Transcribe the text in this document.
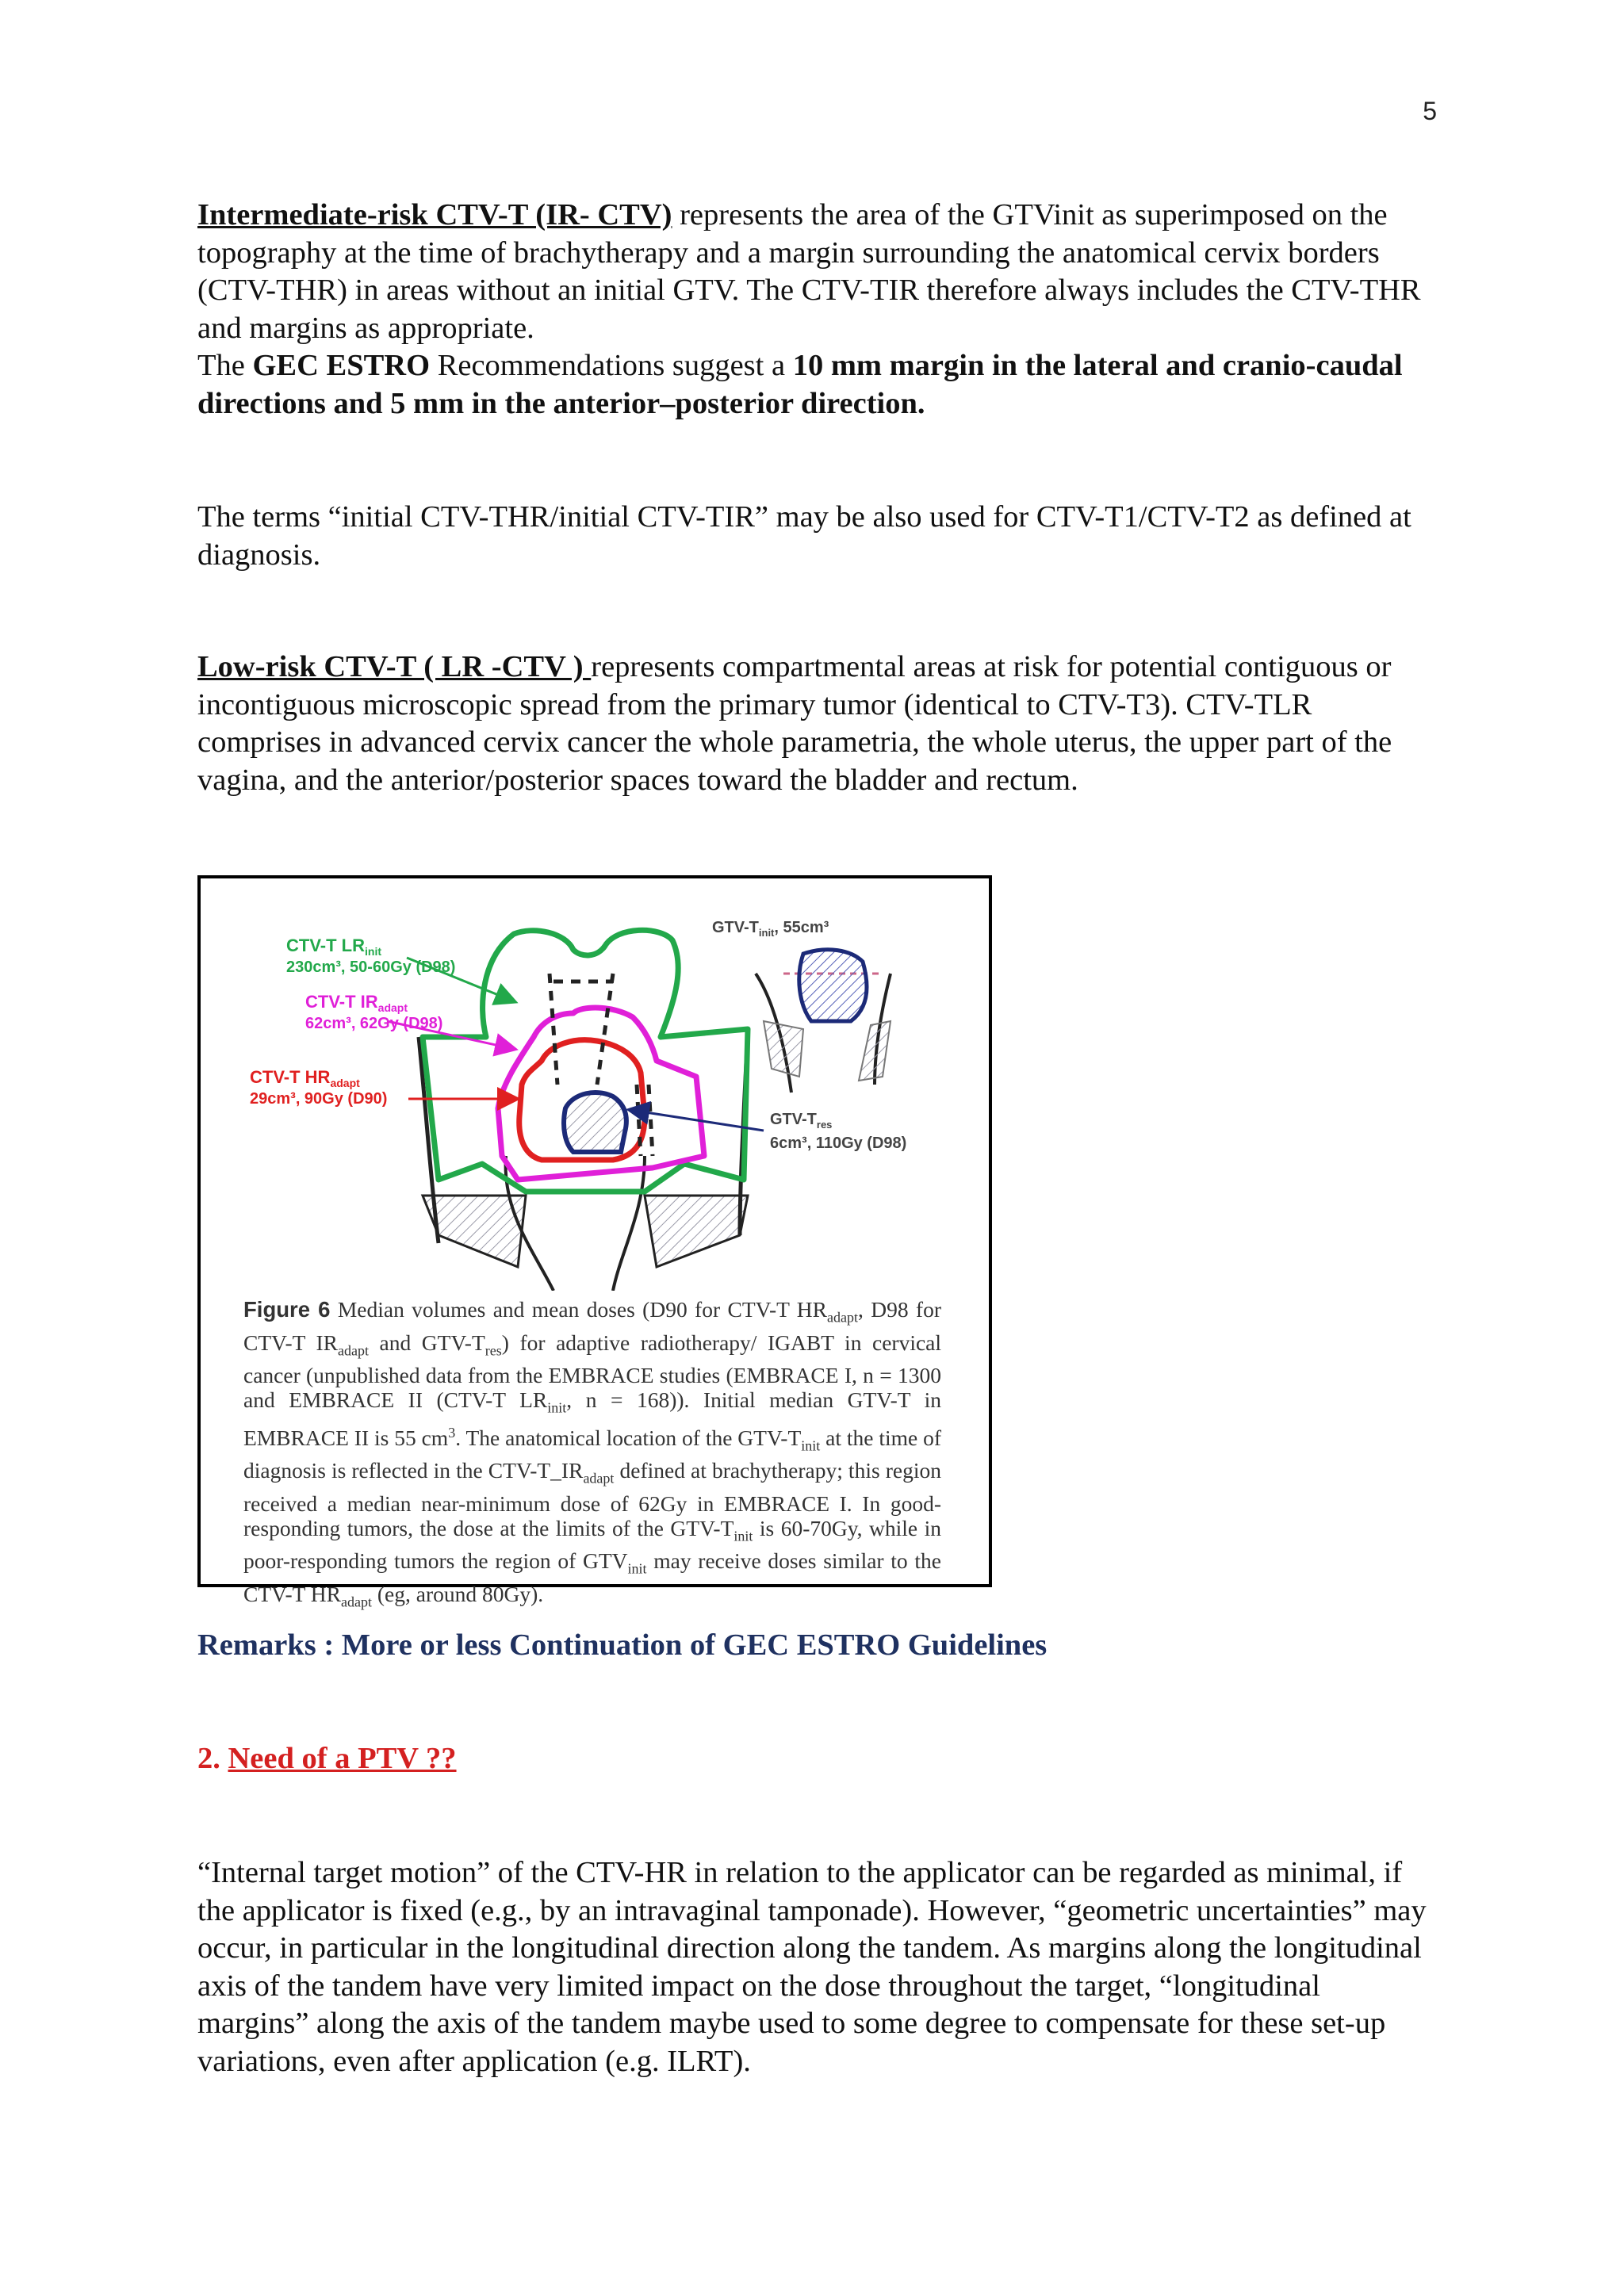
5

Intermediate-risk CTV-T (IR- CTV) represents the area of the GTVinit as superimposed on the topography at the time of brachytherapy and a margin surrounding the anatomical cervix borders (CTV-THR) in areas without an initial GTV. The CTV-TIR therefore always includes the CTV-THR and margins as appropriate.
The GEC ESTRO Recommendations suggest a 10 mm margin in the lateral and cranio-caudal directions and 5 mm in the anterior–posterior direction.

The terms “initial CTV-THR/initial CTV-TIR” may be also used for CTV-T1/CTV-T2 as defined at diagnosis.

Low-risk CTV-T ( LR -CTV ) represents compartmental areas at risk for potential contiguous or incontiguous microscopic spread from the primary tumor (identical to CTV-T3). CTV-TLR comprises in advanced cervix cancer the whole parametria, the whole uterus, the upper part of the vagina, and the anterior/posterior spaces toward the bladder and rectum.

CTV-T $LR_{init}$
230cm³, 50-60Gy (D98)
CTV-T $IR_{adapt}$
62cm³, 62Gy (D98)
CTV-T $HR_{adapt}$
29cm³, 90Gy (D90)
GTV-$T_{init}$, 55cm³
GTV-$T_{res}$
6cm³, 110Gy (D98)

Figure 6 Median volumes and mean doses (D90 for CTV-T $HR_{adapt}$, D98 for CTV-T $IR_{adapt}$ and GTV-$T_{res}$) for adaptive radiotherapy/ IGABT in cervical cancer (unpublished data from the EMBRACE studies (EMBRACE I, n = 1300 and EMBRACE II (CTV-T $LR_{init}$, n = 168)). Initial median GTV-T in EMBRACE II is 55 $cm^3$. The anatomical location of the GTV-$T_{init}$ at the time of diagnosis is reflected in the CTV-$T\_IR_{adapt}$ defined at brachytherapy; this region received a median near-minimum dose of 62Gy in EMBRACE I. In good-responding tumors, the dose at the limits of the GTV-$T_{init}$ is 60-70Gy, while in poor-responding tumors the region of $GTV_{init}$ may receive doses similar to the CTV-T $HR_{adapt}$ (eg, around 80Gy).

Remarks : More or less Continuation of GEC ESTRO Guidelines

2. Need of a PTV ??

“Internal target motion” of the CTV-HR in relation to the applicator can be regarded as minimal, if the applicator is fixed (e.g., by an intravaginal tamponade). However, “geometric uncertainties” may occur, in particular in the longitudinal direction along the tandem. As margins along the longitudinal axis of the tandem have very limited impact on the dose throughout the target, “longitudinal margins” along the axis of the tandem maybe used to some degree to compensate for these set-up variations, even after application (e.g. ILRT).
